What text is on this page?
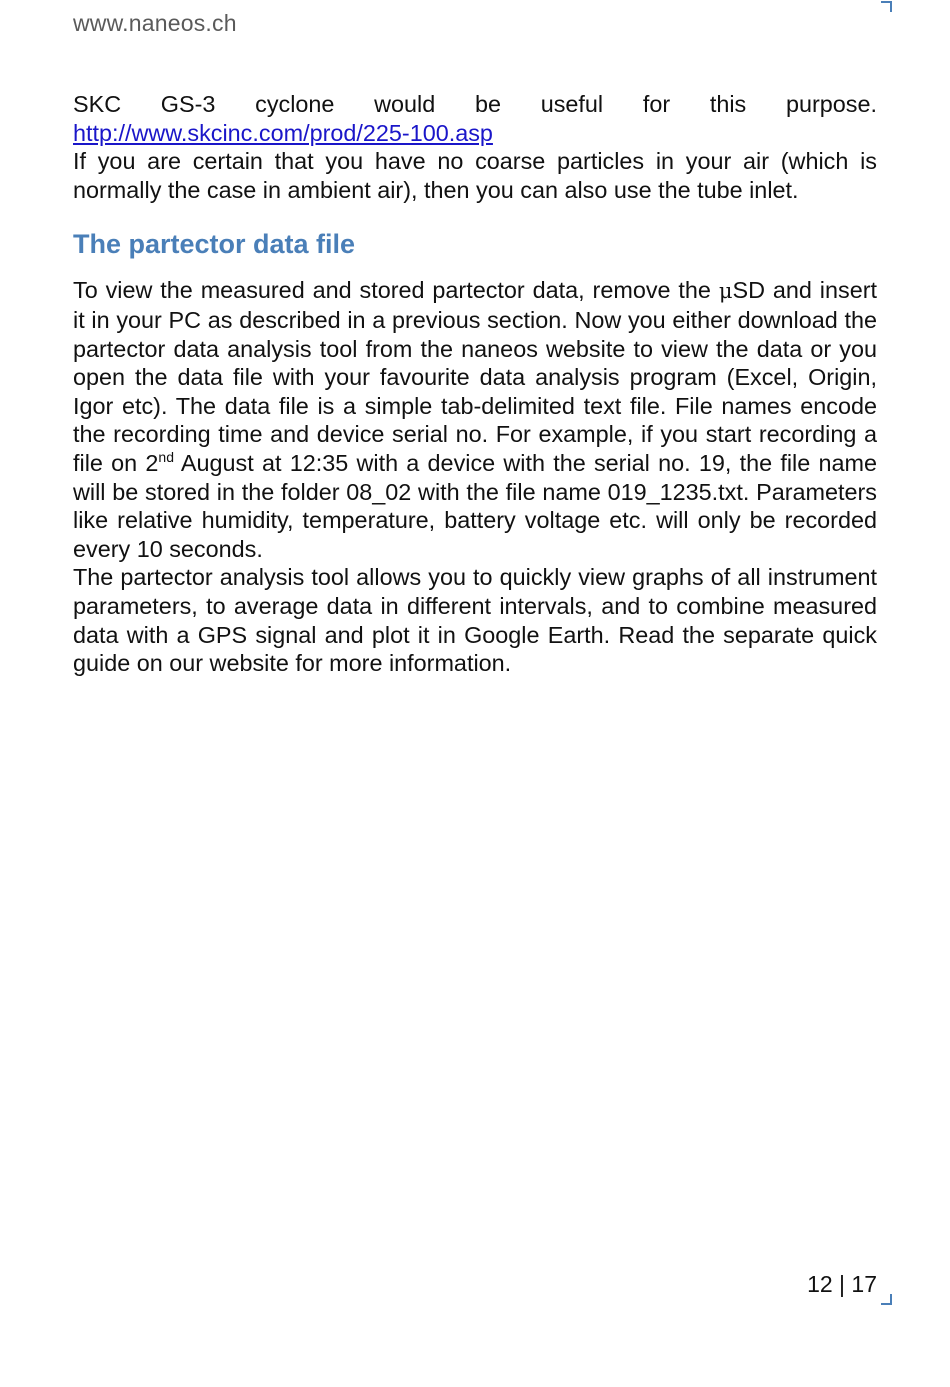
www.naneos.ch

SKC GS-3 cyclone would be useful for this purpose. http://www.skcinc.com/prod/225-100.asp

If you are certain that you have no coarse particles in your air (which is normally the case in ambient air), then you can also use the tube inlet.

The partector data file

To view the measured and stored partector data, remove the μSD and insert it in your PC as described in a previous section. Now you either download the partector data analysis tool from the naneos website to view the data or you open the data file with your favourite data analysis program (Excel, Origin, Igor etc). The data file is a simple tab-delimited text file. File names encode the recording time and device serial no. For example, if you start recording a file on 2nd August at 12:35 with a device with the serial no. 19, the file name will be stored in the folder 08_02 with the file name 019_1235.txt. Parameters like relative humidity, temperature, battery voltage etc. will only be recorded every 10 seconds.

The partector analysis tool allows you to quickly view graphs of all instrument parameters, to average data in different intervals, and to combine measured data with a GPS signal and plot it in Google Earth. Read the separate quick guide on our website for more information.

12 | 17
